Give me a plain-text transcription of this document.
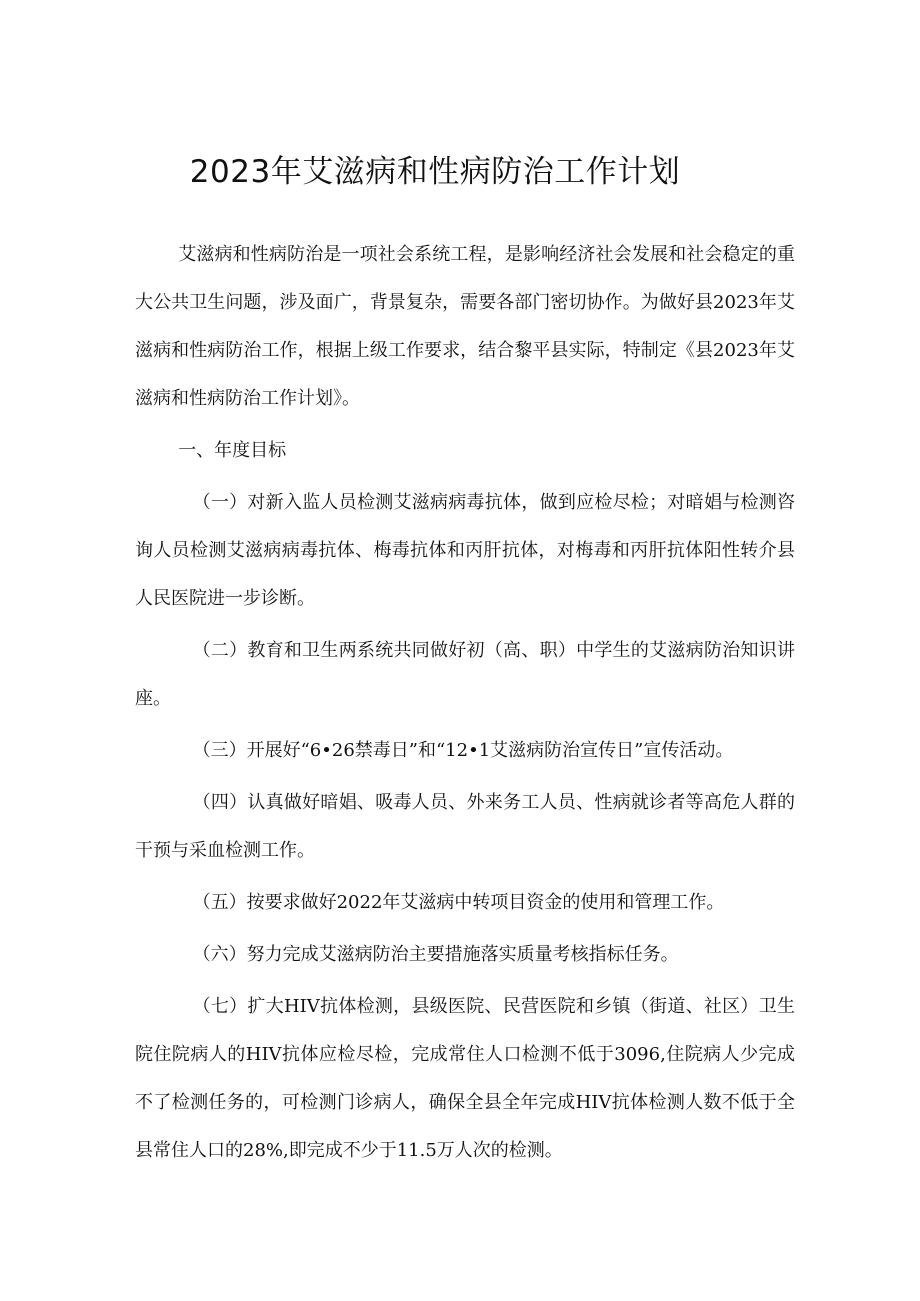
2023年艾滋病和性病防治工作计划

艾滋病和性病防治是一项社会系统工程，是影响经济社会发展和社会稳定的重大公共卫生问题，涉及面广，背景复杂，需要各部门密切协作。为做好县2023年艾滋病和性病防治工作，根据上级工作要求，结合黎平县实际，特制定《县2023年艾滋病和性病防治工作计划》。

一、年度目标

（一）对新入监人员检测艾滋病病毒抗体，做到应检尽检；对暗娼与检测咨询人员检测艾滋病病毒抗体、梅毒抗体和丙肝抗体，对梅毒和丙肝抗体阳性转介县人民医院进一步诊断。

（二）教育和卫生两系统共同做好初（高、职）中学生的艾滋病防治知识讲座。

（三）开展好“6•26禁毒日”和“12•1艾滋病防治宣传日”宣传活动。

（四）认真做好暗娼、吸毒人员、外来务工人员、性病就诊者等高危人群的干预与采血检测工作。

（五）按要求做好2022年艾滋病中转项目资金的使用和管理工作。

（六）努力完成艾滋病防治主要措施落实质量考核指标任务。

（七）扩大HIV抗体检测，县级医院、民营医院和乡镇（街道、社区）卫生院住院病人的HIV抗体应检尽检，完成常住人口检测不低于3096,住院病人少完成不了检测任务的，可检测门诊病人，确保全县全年完成HIV抗体检测人数不低于全县常住人口的28%,即完成不少于11.5万人次的检测。
